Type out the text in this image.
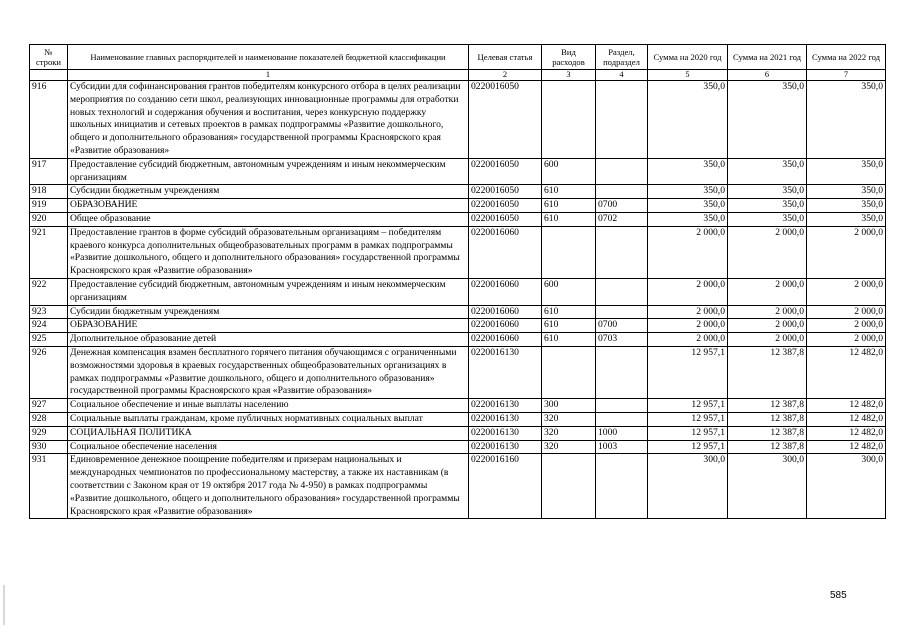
№ строки	Наименование главных распорядителей и наименование показателей бюджетной классификации	Целевая статья	Вид расходов	Раздел, подраздел	Сумма на 2020 год	Сумма на 2021 год	Сумма на 2022 год
	1	2	3	4	5	6	7
916	Субсидии для софинансирования грантов победителям конкурсного отбора в целях реализации мероприятия по созданию сети школ, реализующих инновационные программы для отработки новых технологий и содержания обучения и воспитания, через конкурсную поддержку школьных инициатив и сетевых проектов в рамках подпрограммы «Развитие дошкольного, общего и дополнительного образования» государственной программы Красноярского края «Развитие образования»	0220016050			350,0	350,0	350,0
917	Предоставление субсидий бюджетным, автономным учреждениям и иным некоммерческим организациям	0220016050	600		350,0	350,0	350,0
918	Субсидии бюджетным учреждениям	0220016050	610		350,0	350,0	350,0
919	ОБРАЗОВАНИЕ	0220016050	610	0700	350,0	350,0	350,0
920	Общее образование	0220016050	610	0702	350,0	350,0	350,0
921	Предоставление грантов в форме субсидий образовательным организациям – победителям краевого конкурса дополнительных общеобразовательных программ в рамках подпрограммы «Развитие дошкольного, общего и дополнительного образования» государственной программы Красноярского края «Развитие образования»	0220016060			2 000,0	2 000,0	2 000,0
922	Предоставление субсидий бюджетным, автономным учреждениям и иным некоммерческим организациям	0220016060	600		2 000,0	2 000,0	2 000,0
923	Субсидии бюджетным учреждениям	0220016060	610		2 000,0	2 000,0	2 000,0
924	ОБРАЗОВАНИЕ	0220016060	610	0700	2 000,0	2 000,0	2 000,0
925	Дополнительное образование детей	0220016060	610	0703	2 000,0	2 000,0	2 000,0
926	Денежная компенсация взамен бесплатного горячего питания обучающимся с ограниченными возможностями здоровья в краевых государственных общеобразовательных организациях в рамках подпрограммы «Развитие дошкольного, общего и дополнительного образования» государственной программы Красноярского края «Развитие образования»	0220016130			12 957,1	12 387,8	12 482,0
927	Социальное обеспечение и иные выплаты населению	0220016130	300		12 957,1	12 387,8	12 482,0
928	Социальные выплаты гражданам, кроме публичных нормативных социальных выплат	0220016130	320		12 957,1	12 387,8	12 482,0
929	СОЦИАЛЬНАЯ ПОЛИТИКА	0220016130	320	1000	12 957,1	12 387,8	12 482,0
930	Социальное обеспечение населения	0220016130	320	1003	12 957,1	12 387,8	12 482,0
931	Единовременное денежное поощрение победителям и призерам национальных и международных чемпионатов по профессиональному мастерству, а также их наставникам (в соответствии с Законом края от 19 октября 2017 года № 4-950) в рамках подпрограммы «Развитие дошкольного, общего и дополнительного образования» государственной программы Красноярского края «Развитие образования»	0220016160			300,0	300,0	300,0
585
